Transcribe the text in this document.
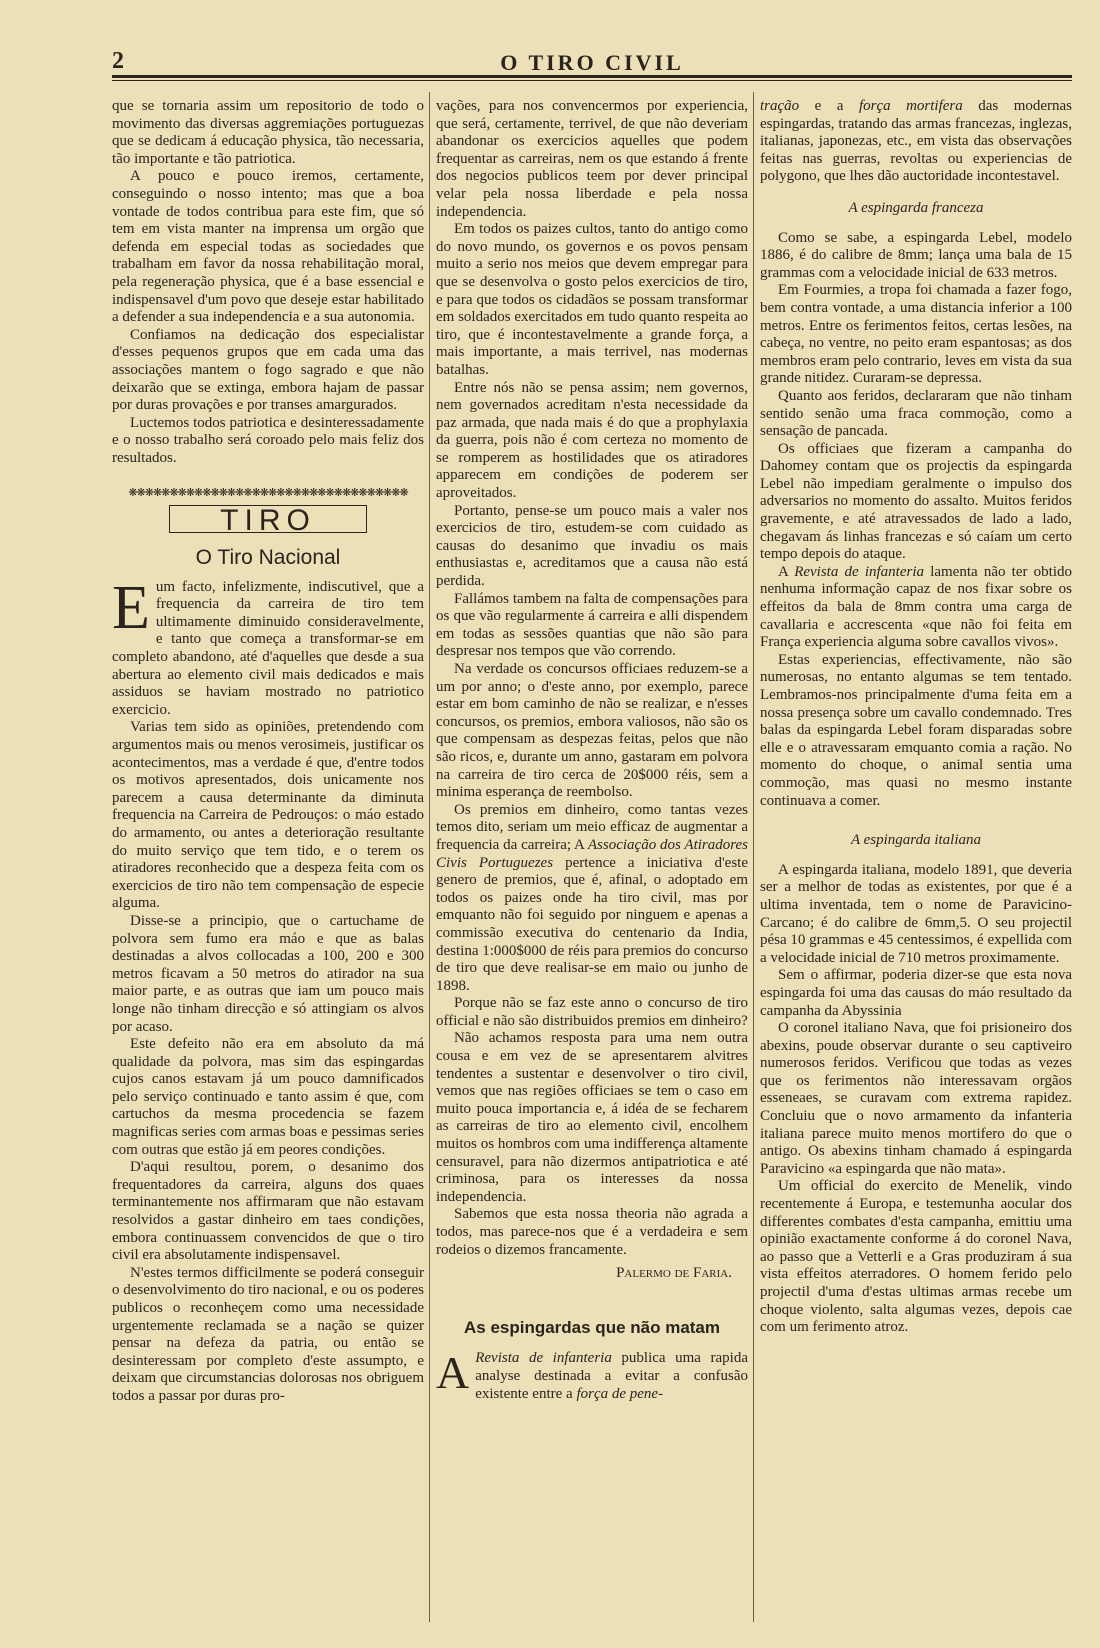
2	O TIRO CIVIL

que se tornaria assim um repositorio de todo o movimento das diversas aggremiações portuguezas que se dedicam á educação physica, tão necessaria, tão importante e tão patriotica.

A pouco e pouco iremos, certamente, conseguindo o nosso intento; mas que a boa vontade de todos contribua para este fim, que só tem em vista manter na imprensa um orgão que defenda em especial todas as sociedades que trabalham em favor da nossa rehabilitação moral, pela regeneração physica, que é a base essencial e indispensavel d'um povo que deseje estar habilitado a defender a sua independencia e a sua autonomia.

Confiamos na dedicação dos especialistar d'esses pequenos grupos que em cada uma das associações mantem o fogo sagrado e que não deixarão que se extinga, embora hajam de passar por duras provações e por transes amargurados.

Luctemos todos patriotica e desinteressadamente e o nosso trabalho será coroado pelo mais feliz dos resultados.

❋❋❋❋❋❋❋❋❋❋❋❋❋❋❋❋❋❋❋❋❋❋❋❋❋❋❋❋❋❋❋❋❋❋
TIRO
O Tiro Nacional

Eum facto, infelizmente, indiscutivel, que a frequencia da carreira de tiro tem ultimamente diminuido consideravelmente, e tanto que começa a transformar-se em completo abandono, até d'aquelles que desde a sua abertura ao elemento civil mais dedicados e mais assiduos se haviam mostrado no patriotico exercicio.

Varias tem sido as opiniões, pretendendo com argumentos mais ou menos verosimeis, justificar os acontecimentos, mas a verdade é que, d'entre todos os motivos apresentados, dois unicamente nos parecem a causa determinante da diminuta frequencia na Carreira de Pedrouços: o máo estado do armamento, ou antes a deterioração resultante do muito serviço que tem tido, e o terem os atiradores reconhecido que a despeza feita com os exercicios de tiro não tem compensação de especie alguma.

Disse-se a principio, que o cartuchame de polvora sem fumo era máo e que as balas destinadas a alvos collocadas a 100, 200 e 300 metros ficavam a 50 metros do atirador na sua maior parte, e as outras que iam um pouco mais longe não tinham direcção e só attingiam os alvos por acaso.

Este defeito não era em absoluto da má qualidade da polvora, mas sim das espingardas cujos canos estavam já um pouco damnificados pelo serviço continuado e tanto assim é que, com cartuchos da mesma procedencia se fazem magnificas series com armas boas e pessimas series com outras que estão já em peores condições.

D'aqui resultou, porem, o desanimo dos frequentadores da carreira, alguns dos quaes terminantemente nos affirmaram que não estavam resolvidos a gastar dinheiro em taes condições, embora continuassem convencidos de que o tiro civil era absolutamente indispensavel.

N'estes termos difficilmente se poderá conseguir o desenvolvimento do tiro nacional, e ou os poderes publicos o reconheçem como uma necessidade urgentemente reclamada se a nação se quizer pensar na defeza da patria, ou então se desinteressam por completo d'este assumpto, e deixam que circumstancias dolorosas nos obriguem todos a passar por duras pro-

vações, para nos convencermos por experiencia, que será, certamente, terrivel, de que não deveriam abandonar os exercicios aquelles que podem frequentar as carreiras, nem os que estando á frente dos negocios publicos teem por dever principal velar pela nossa liberdade e pela nossa independencia.

Em todos os paizes cultos, tanto do antigo como do novo mundo, os governos e os povos pensam muito a serio nos meios que devem empregar para que se desenvolva o gosto pelos exercicios de tiro, e para que todos os cidadãos se possam transformar em soldados exercitados em tudo quanto respeita ao tiro, que é incontestavelmente a grande força, a mais importante, a mais terrivel, nas modernas batalhas.

Entre nós não se pensa assim; nem governos, nem governados acreditam n'esta necessidade da paz armada, que nada mais é do que a prophylaxia da guerra, pois não é com certeza no momento de se romperem as hostilidades que os atiradores apparecem em condições de poderem ser aproveitados.

Portanto, pense-se um pouco mais a valer nos exercicios de tiro, estudem-se com cuidado as causas do desanimo que invadiu os mais enthusiastas e, acreditamos que a causa não está perdida.

Fallámos tambem na falta de compensações para os que vão regularmente á carreira e alli dispendem em todas as sessões quantias que não são para despresar nos tempos que vão correndo.

Na verdade os concursos officiaes reduzem-se a um por anno; o d'este anno, por exemplo, parece estar em bom caminho de não se realizar, e n'esses concursos, os premios, embora valiosos, não são os que compensam as despezas feitas, pelos que não são ricos, e, durante um anno, gastaram em polvora na carreira de tiro cerca de 20$000 réis, sem a minima esperança de reembolso.

Os premios em dinheiro, como tantas vezes temos dito, seriam um meio efficaz de augmentar a frequencia da carreira; A Associação dos Atiradores Civis Portuguezes pertence a iniciativa d'este genero de premios, que é, afinal, o adoptado em todos os paizes onde ha tiro civil, mas por emquanto não foi seguido por ninguem e apenas a commissão executiva do centenario da India, destina 1:000$000 de réis para premios do concurso de tiro que deve realisar-se em maio ou junho de 1898.

Porque não se faz este anno o concurso de tiro official e não são distribuidos premios em dinheiro?

Não achamos resposta para uma nem outra cousa e em vez de se apresentarem alvitres tendentes a sustentar e desenvolver o tiro civil, vemos que nas regiões officiaes se tem o caso em muito pouca importancia e, á idéa de se fecharem as carreiras de tiro ao elemento civil, encolhem muitos os hombros com uma indifferença altamente censuravel, para não dizermos antipatriotica e até criminosa, para os interesses da nossa independencia.

Sabemos que esta nossa theoria não agrada a todos, mas parece-nos que é a verdadeira e sem rodeios o dizemos francamente.

Palermo de Faria.
As espingardas que não matam

A Revista de infanteria publica uma rapida analyse destinada a evitar a confusão existente entre a força de pene-

tração e a força mortifera das modernas espingardas, tratando das armas francezas, inglezas, italianas, japonezas, etc., em vista das observações feitas nas guerras, revoltas ou experiencias de polygono, que lhes dão auctoridade incontestavel.

A espingarda franceza

Como se sabe, a espingarda Lebel, modelo 1886, é do calibre de 8mm; lança uma bala de 15 grammas com a velocidade inicial de 633 metros.

Em Fourmies, a tropa foi chamada a fazer fogo, bem contra vontade, a uma distancia inferior a 100 metros. Entre os ferimentos feitos, certas lesões, na cabeça, no ventre, no peito eram espantosas; as dos membros eram pelo contrario, leves em vista da sua grande nitidez. Curaram-se depressa.

Quanto aos feridos, declararam que não tinham sentido senão uma fraca commoção, como a sensação de pancada.

Os officiaes que fizeram a campanha do Dahomey contam que os projectis da espingarda Lebel não impediam geralmente o impulso dos adversarios no momento do assalto. Muitos feridos gravemente, e até atravessados de lado a lado, chegavam ás linhas francezas e só caíam um certo tempo depois do ataque.

A Revista de infanteria lamenta não ter obtido nenhuma informação capaz de nos fixar sobre os effeitos da bala de 8mm contra uma carga de cavallaria e accrescenta «que não foi feita em França experiencia alguma sobre cavallos vivos».

Estas experiencias, effectivamente, não são numerosas, no entanto algumas se tem tentado. Lembramos-nos principalmente d'uma feita em a nossa presença sobre um cavallo condemnado. Tres balas da espingarda Lebel foram disparadas sobre elle e o atravessaram emquanto comia a ração. No momento do choque, o animal sentia uma commoção, mas quasi no mesmo instante continuava a comer.

A espingarda italiana

A espingarda italiana, modelo 1891, que deveria ser a melhor de todas as existentes, por que é a ultima inventada, tem o nome de Paravicino-Carcano; é do calibre de 6mm,5. O seu projectil pésa 10 grammas e 45 centessimos, é expellida com a velocidade inicial de 710 metros proximamente.

Sem o affirmar, poderia dizer-se que esta nova espingarda foi uma das causas do máo resultado da campanha da Abyssinia

O coronel italiano Nava, que foi prisioneiro dos abexins, poude observar durante o seu captiveiro numerosos feridos. Verificou que todas as vezes que os ferimentos não interessavam orgãos esseneaes, se curavam com extrema rapidez. Concluiu que o novo armamento da infanteria italiana parece muito menos mortifero do que o antigo. Os abexins tinham chamado á espingarda Paravicino «a espingarda que não mata».

Um official do exercito de Menelik, vindo recentemente á Europa, e testemunha aocular dos differentes combates d'esta campanha, emittiu uma opinião exactamente conforme á do coronel Nava, ao passo que a Vetterli e a Gras produziram á sua vista effeitos aterradores. O homem ferido pelo projectil d'uma d'estas ultimas armas recebe um choque violento, salta algumas vezes, depois cae com um ferimento atroz.
